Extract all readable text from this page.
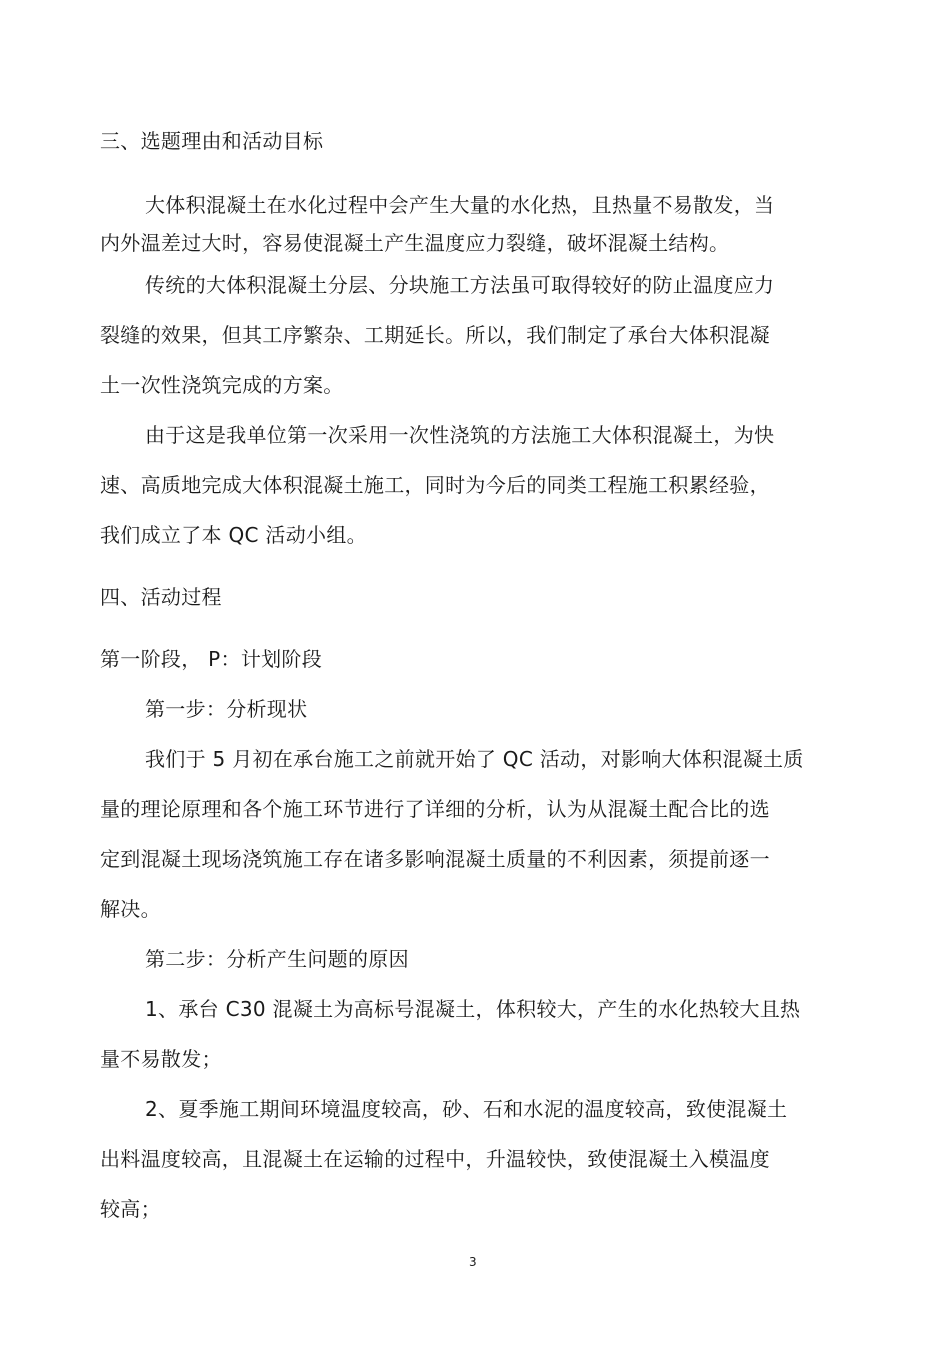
三、选题理由和活动目标

大体积混凝土在水化过程中会产生大量的水化热，且热量不易散发，当

内外温差过大时，容易使混凝土产生温度应力裂缝，破坏混凝土结构。

传统的大体积混凝土分层、分块施工方法虽可取得较好的防止温度应力

裂缝的效果，但其工序繁杂、工期延长。所以，我们制定了承台大体积混凝

土一次性浇筑完成的方案。

由于这是我单位第一次采用一次性浇筑的方法施工大体积混凝土，为快

速、高质地完成大体积混凝土施工，同时为今后的同类工程施工积累经验，

我们成立了本 QC 活动小组。

四、活动过程

第一阶段， P：计划阶段

第一步：分析现状

我们于 5 月初在承台施工之前就开始了 QC 活动，对影响大体积混凝土质

量的理论原理和各个施工环节进行了详细的分析，认为从混凝土配合比的选

定到混凝土现场浇筑施工存在诸多影响混凝土质量的不利因素，须提前逐一

解决。

第二步：分析产生问题的原因

1、承台 C30 混凝土为高标号混凝土，体积较大，产生的水化热较大且热

量不易散发；

2、夏季施工期间环境温度较高，砂、石和水泥的温度较高，致使混凝土

出料温度较高，且混凝土在运输的过程中，升温较快，致使混凝土入模温度

较高；

3
